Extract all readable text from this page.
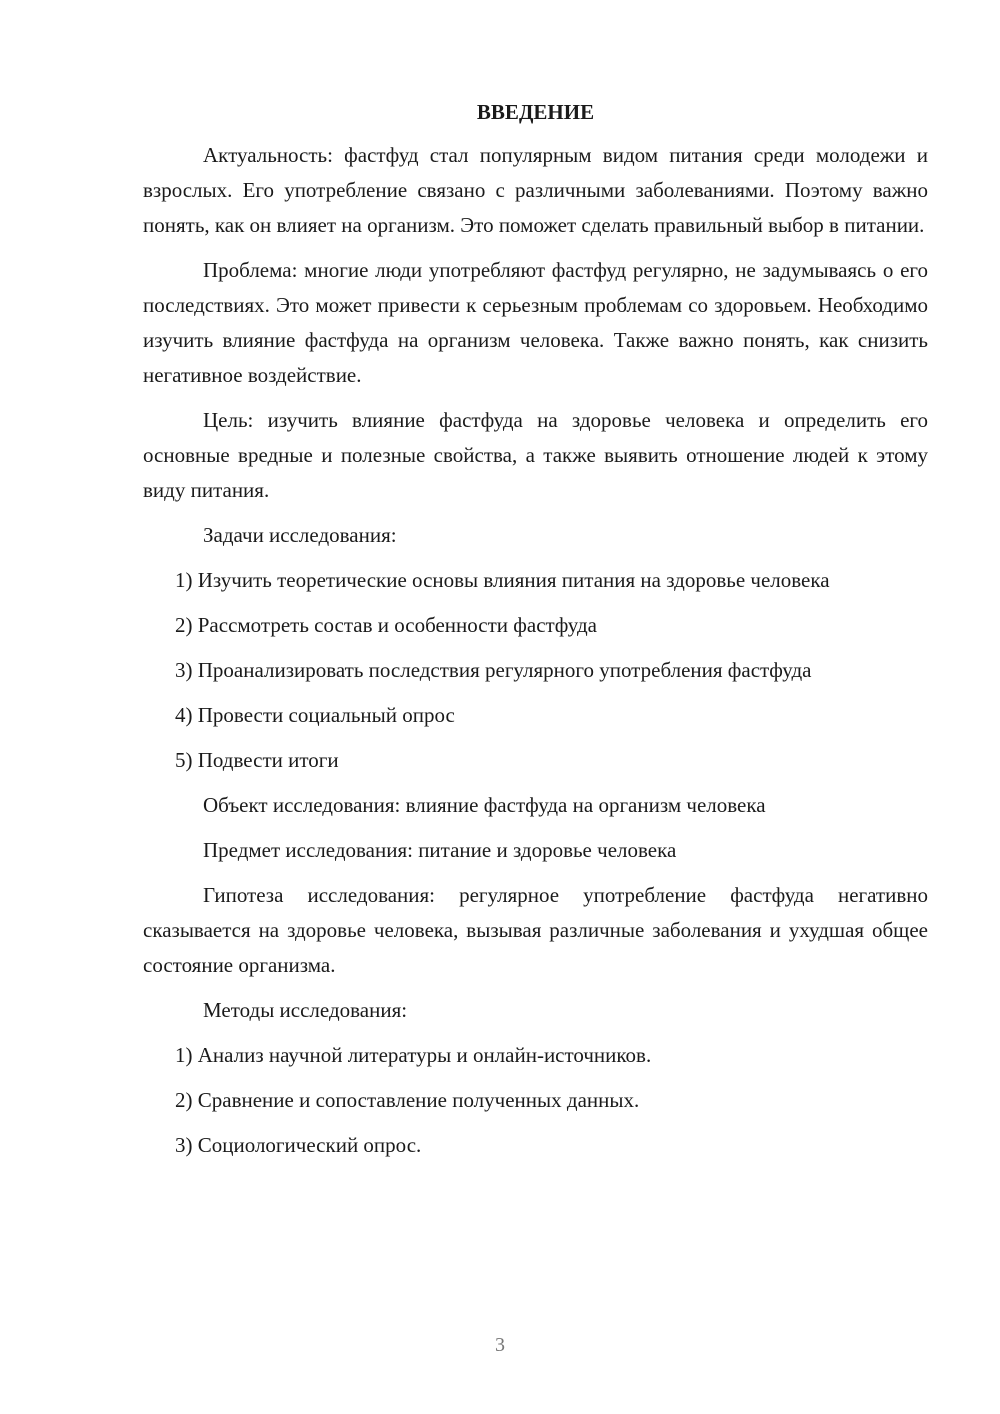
ВВЕДЕНИЕ

Актуальность: фастфуд стал популярным видом питания среди молодежи и взрослых. Его употребление связано с различными заболеваниями. Поэтому важно понять, как он влияет на организм. Это поможет сделать правильный выбор в питании.

Проблема: многие люди употребляют фастфуд регулярно, не задумываясь о его последствиях. Это может привести к серьезным проблемам со здоровьем. Необходимо изучить влияние фастфуда на организм человека. Также важно понять, как снизить негативное воздействие.

Цель: изучить влияние фастфуда на здоровье человека и определить его основные вредные и полезные свойства, а также выявить отношение людей к этому виду питания.

Задачи исследования:

1) Изучить теоретические основы влияния питания на здоровье человека

2) Рассмотреть состав и особенности фастфуда

3) Проанализировать последствия регулярного употребления фастфуда

4) Провести социальный опрос

5) Подвести итоги

Объект исследования: влияние фастфуда на организм человека

Предмет исследования: питание и здоровье человека

Гипотеза исследования: регулярное употребление фастфуда негативно сказывается на здоровье человека, вызывая различные заболевания и ухудшая общее состояние организма.

Методы исследования:

1) Анализ научной литературы и онлайн-источников.

2) Сравнение и сопоставление полученных данных.

3) Социологический опрос.

3
